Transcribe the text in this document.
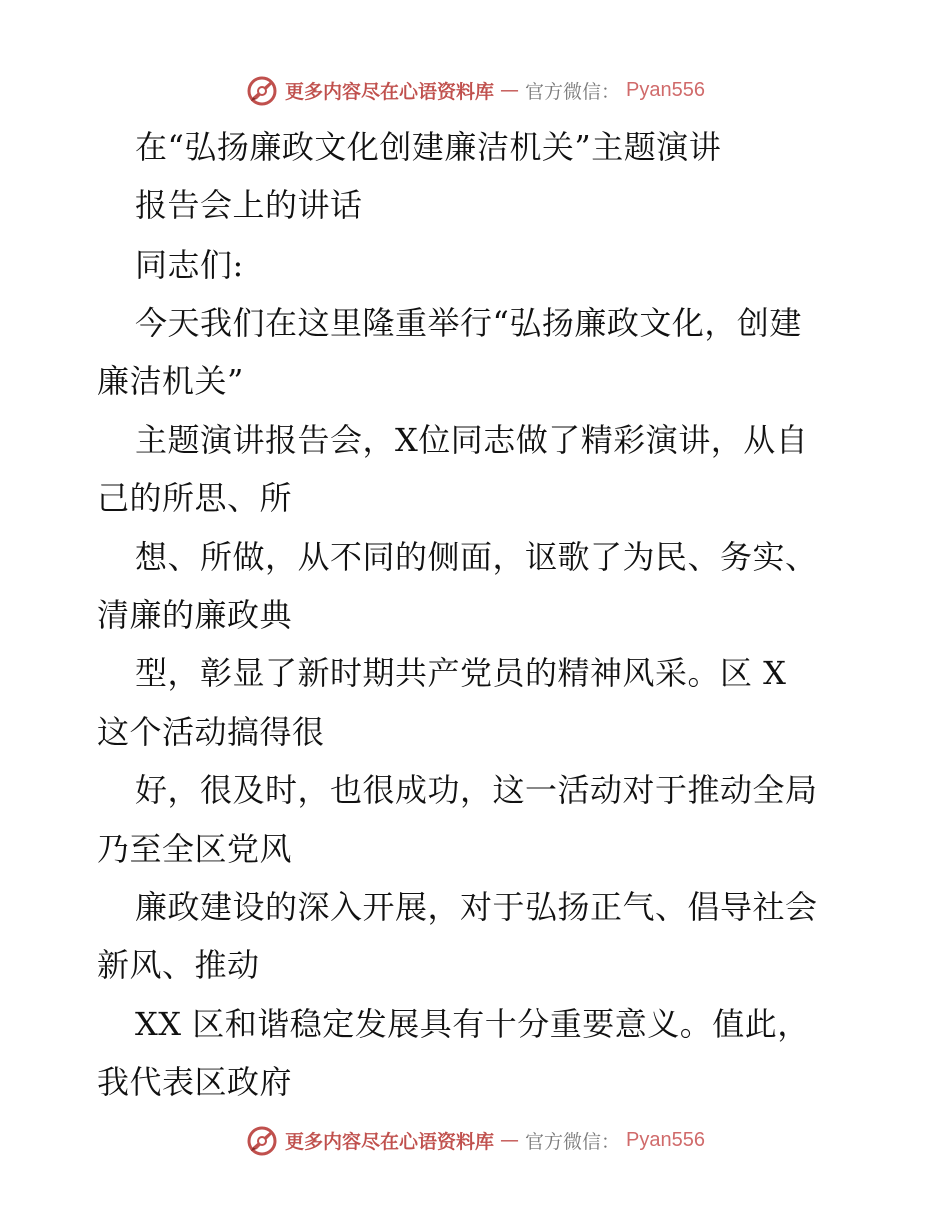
更多内容尽在心语资料库 — 官方微信： Pyan556
在“弘扬廉政文化创建廉洁机关”主题演讲
报告会上的讲话
同志们:
今天我们在这里隆重举行“弘扬廉政文化，创建
廉洁机关”
主题演讲报告会，X位同志做了精彩演讲，从自
己的所思、所
想、所做，从不同的侧面，讴歌了为民、务实、
清廉的廉政典
型，彰显了新时期共产党员的精神风采。区 X
这个活动搞得很
好，很及时，也很成功，这一活动对于推动全局
乃至全区党风
廉政建设的深入开展，对于弘扬正气、倡导社会
新风、推动
XX 区和谐稳定发展具有十分重要意义。值此，
我代表区政府
更多内容尽在心语资料库 — 官方微信： Pyan556
